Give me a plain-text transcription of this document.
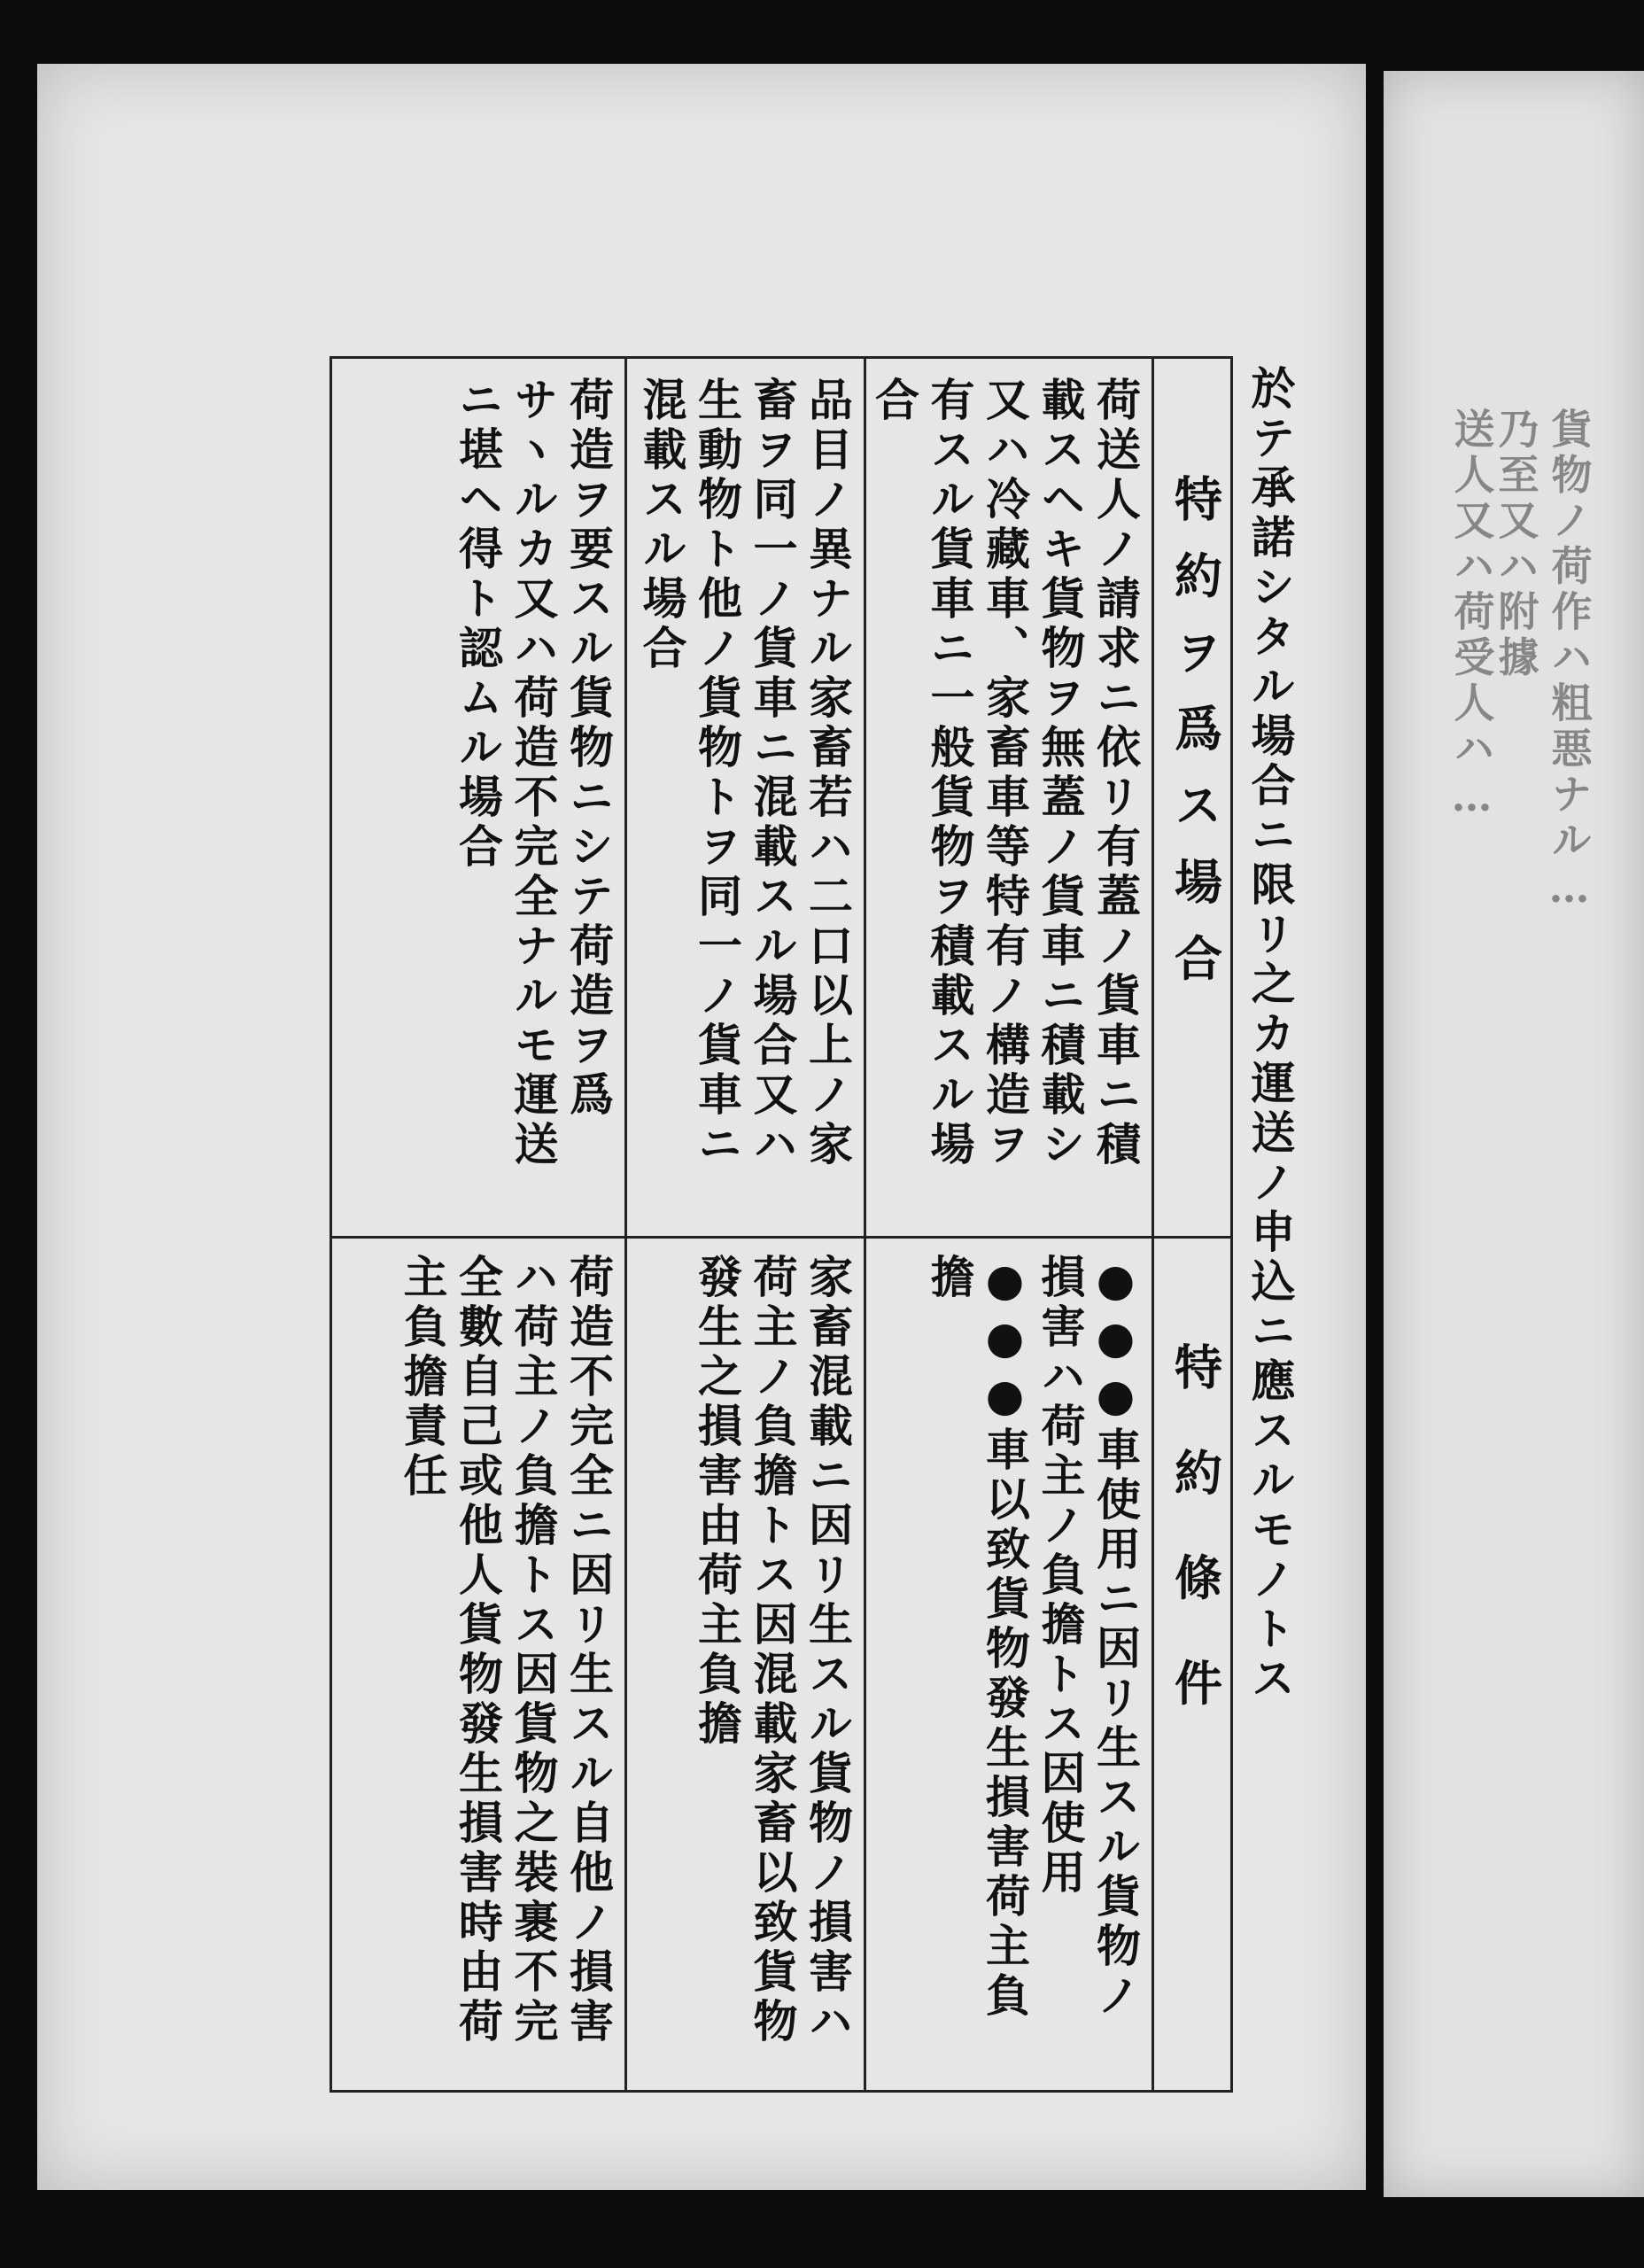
於テ承諾シタル場合ニ限リ之カ運送ノ申込ニ應スルモノトス
特約ヲ爲ス場合
特約條件
荷送人ノ請求ニ依リ有蓋ノ貨車ニ積載スヘキ貨物ヲ無蓋ノ貨車ニ積載シ又ハ冷藏車、家畜車等特有ノ構造ヲ有スル貨車ニ一般貨物ヲ積載スル場合
品目ノ異ナル家畜若ハ二口以上ノ家畜ヲ同一ノ貨車ニ混載スル場合又ハ生動物ト他ノ貨物トヲ同一ノ貨車ニ混載スル場合
荷造ヲ要スル貨物ニシテ荷造ヲ爲サヽルカ又ハ荷造不完全ナルモ運送ニ堪ヘ得ト認ムル場合
●●●車使用ニ因リ生スル貨物ノ損害ハ荷主ノ負擔トス因使用●●●車以致貨物發生損害荷主負擔
家畜混載ニ因リ生スル貨物ノ損害ハ荷主ノ負擔トス因混載家畜以致貨物發生之損害由荷主負擔
荷造不完全ニ因リ生スル自他ノ損害ハ荷主ノ負擔トス因貨物之裝裹不完全數自己或他人貨物發生損害時由荷主負擔責任
貨物ノ荷作ハ粗悪ナル…
送人又ハ荷受人ハ…
乃至又ハ附據
